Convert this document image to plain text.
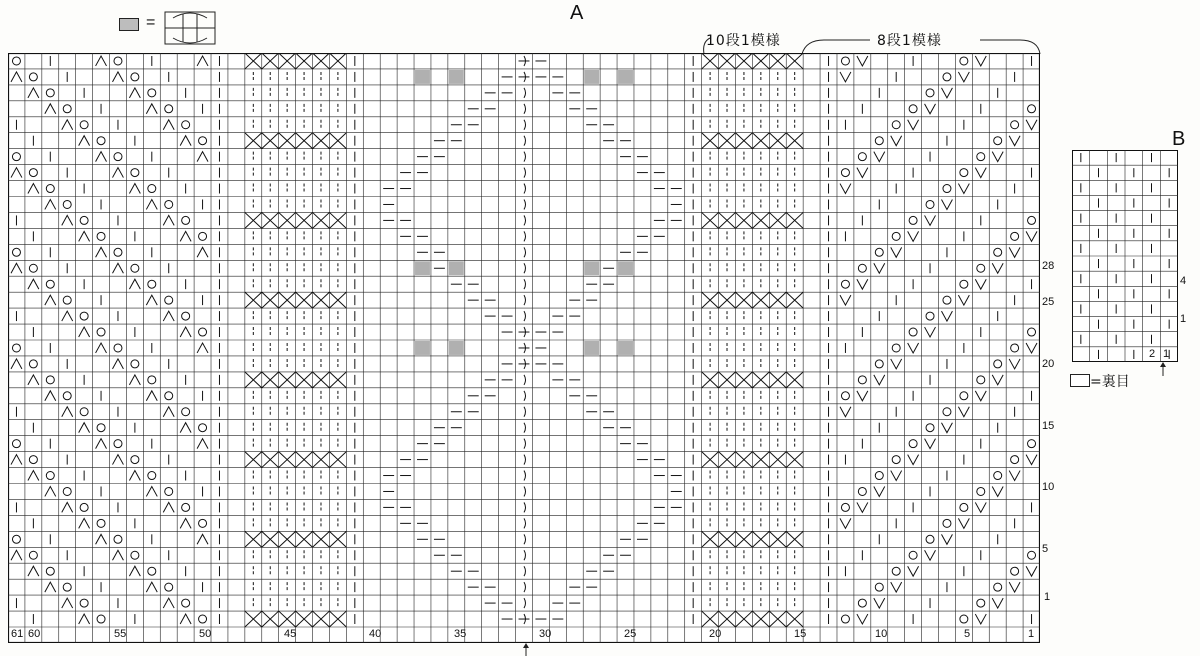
=	A
10段1模様	8段1模様
28
25
20
15
10
5
1
B
4
1
2 1
=裏目
61 60	55	50	45	40	35	30	25	20	15	10	5	1
